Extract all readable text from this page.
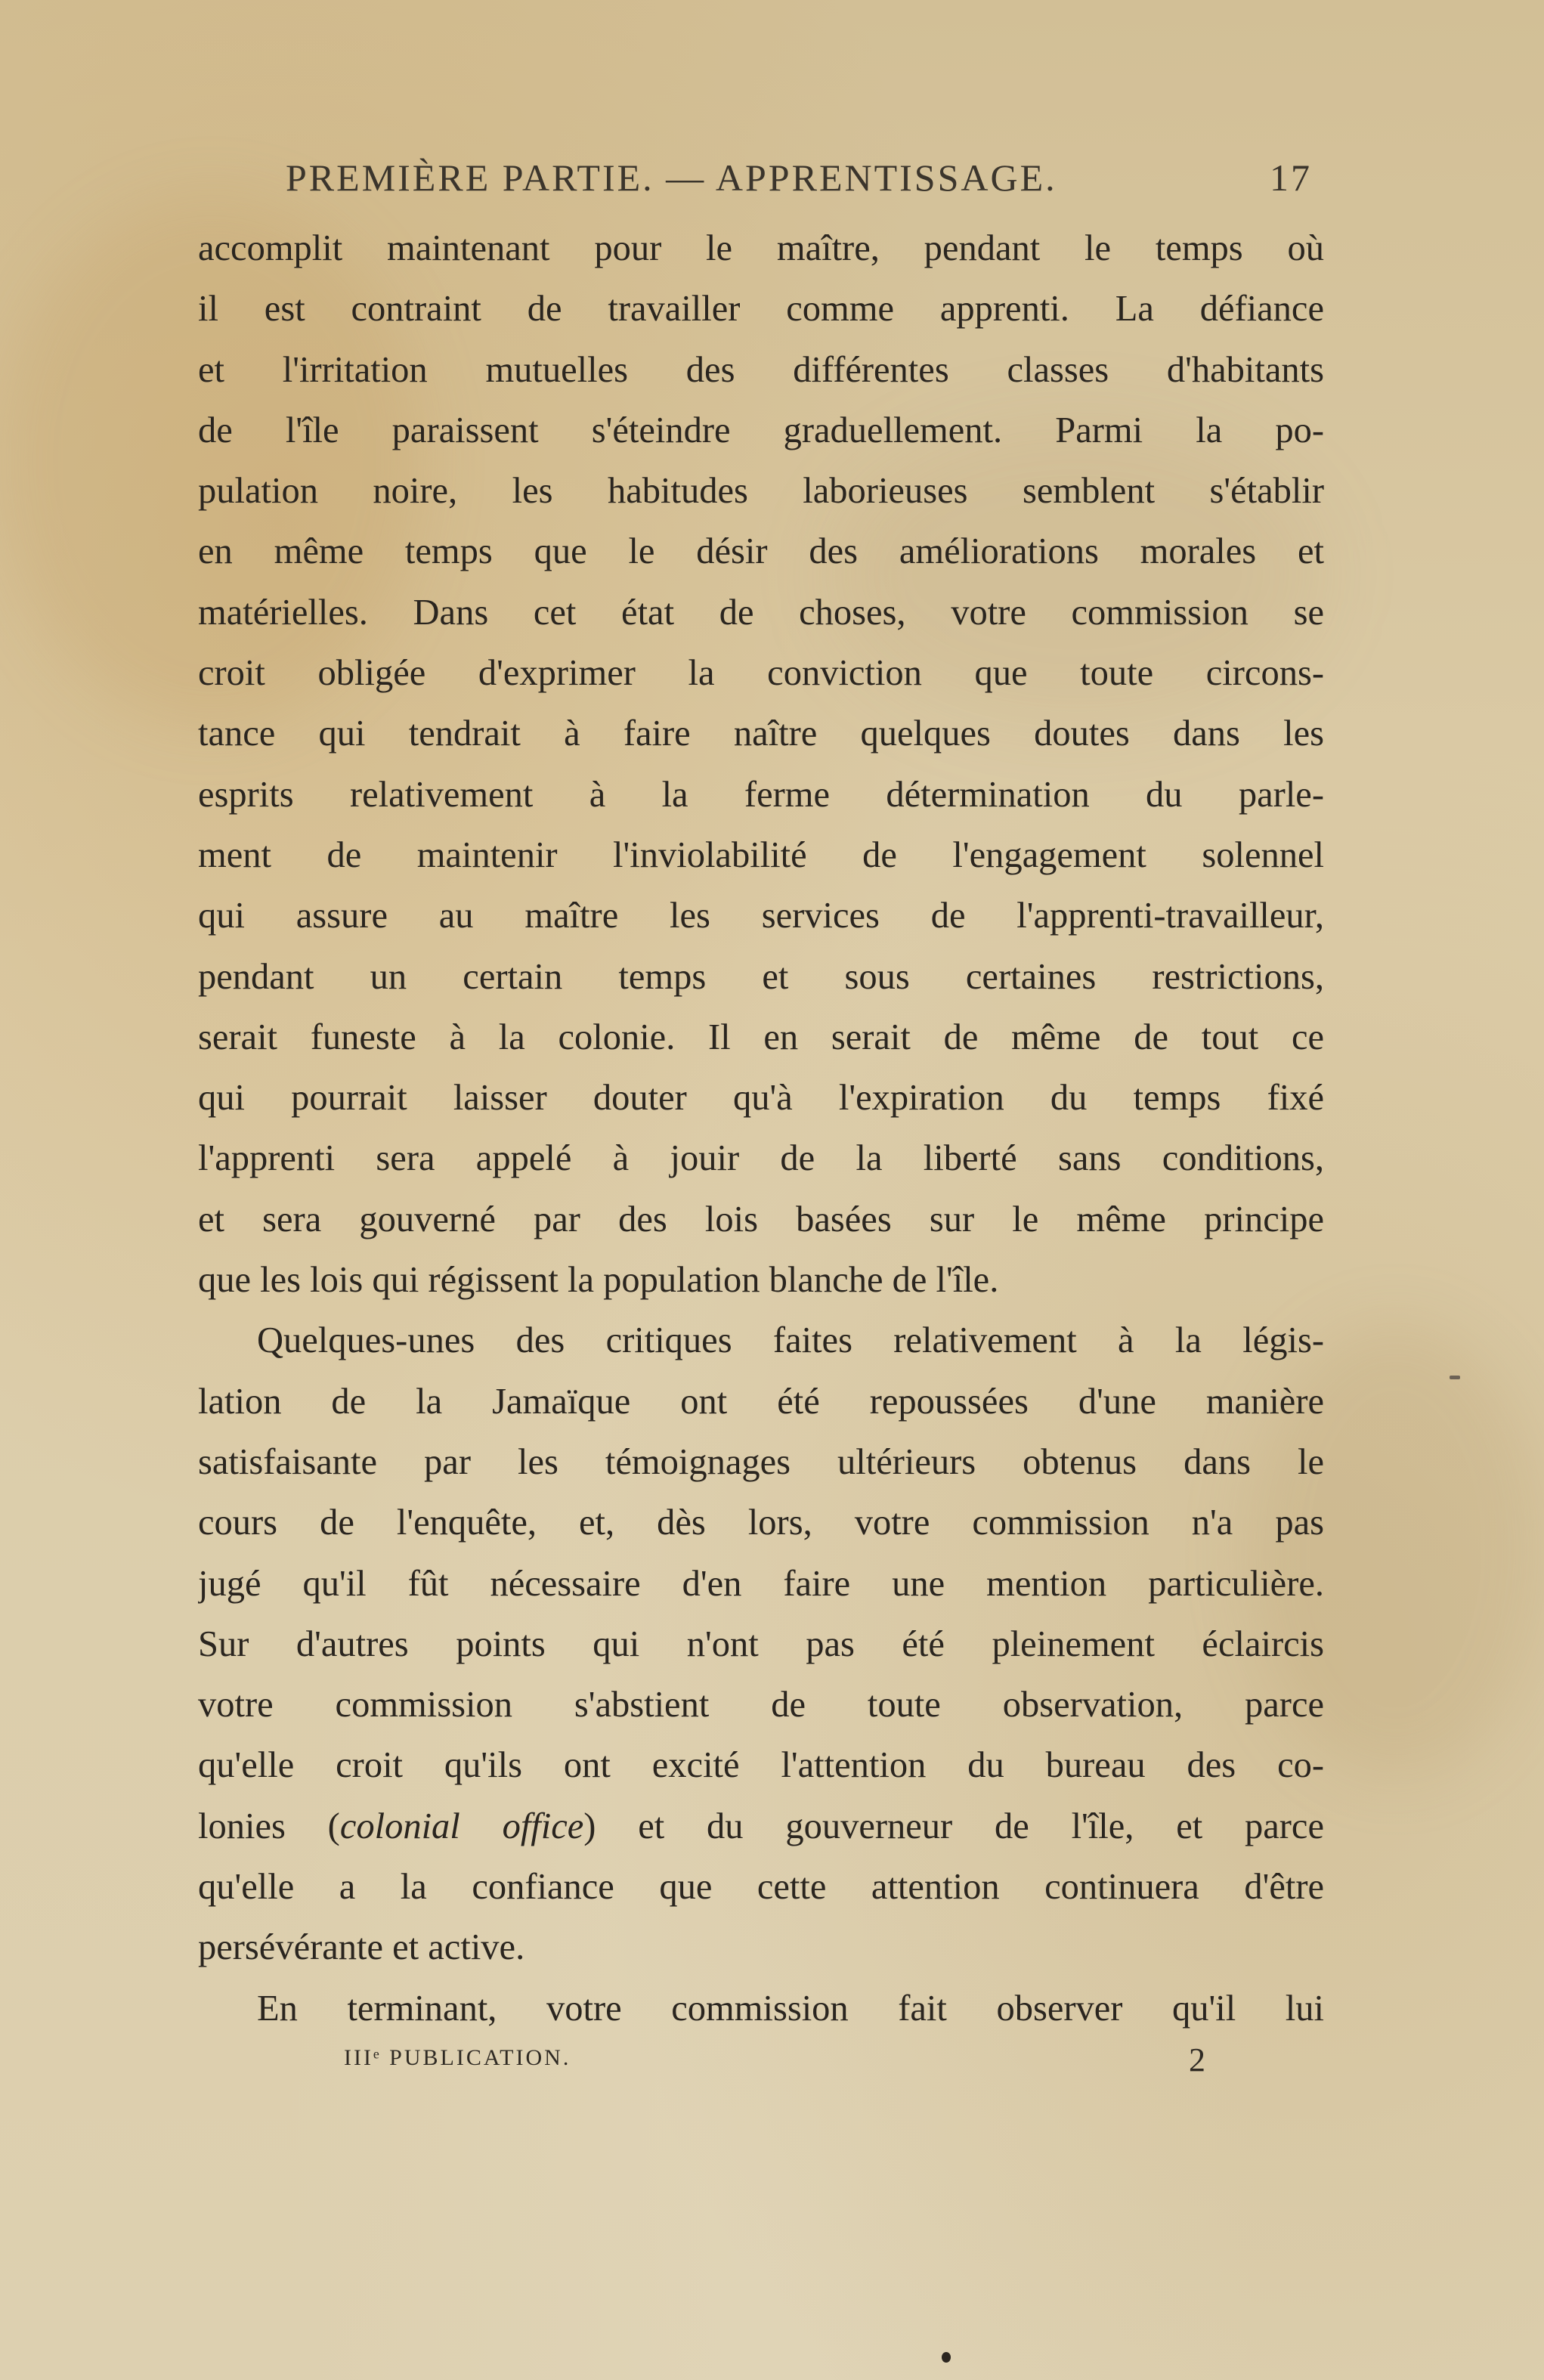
PREMIÈRE PARTIE. — APPRENTISSAGE.	17
accomplit maintenant pour le maître, pendant le temps où
il est contraint de travailler comme apprenti. La défiance
et l'irritation mutuelles des différentes classes d'habitants
de l'île paraissent s'éteindre graduellement. Parmi la po-
pulation noire, les habitudes laborieuses semblent s'établir
en même temps que le désir des améliorations morales et
matérielles. Dans cet état de choses, votre commission se
croit obligée d'exprimer la conviction que toute circons-
tance qui tendrait à faire naître quelques doutes dans les
esprits relativement à la ferme détermination du parle-
ment de maintenir l'inviolabilité de l'engagement solennel
qui assure au maître les services de l'apprenti-travailleur,
pendant un certain temps et sous certaines restrictions,
serait funeste à la colonie. Il en serait de même de tout ce
qui pourrait laisser douter qu'à l'expiration du temps fixé
l'apprenti sera appelé à jouir de la liberté sans conditions,
et sera gouverné par des lois basées sur le même principe
que les lois qui régissent la population blanche de l'île.
Quelques-unes des critiques faites relativement à la légis-
lation de la Jamaïque ont été repoussées d'une manière
satisfaisante par les témoignages ultérieurs obtenus dans le
cours de l'enquête, et, dès lors, votre commission n'a pas
jugé qu'il fût nécessaire d'en faire une mention particulière.
Sur d'autres points qui n'ont pas été pleinement éclaircis
votre commission s'abstient de toute observation, parce
qu'elle croit qu'ils ont excité l'attention du bureau des co-
lonies (colonial office) et du gouverneur de l'île, et parce
qu'elle a la confiance que cette attention continuera d'être
persévérante et active.
En terminant, votre commission fait observer qu'il lui
IIIᵉ PUBLICATION.	2
